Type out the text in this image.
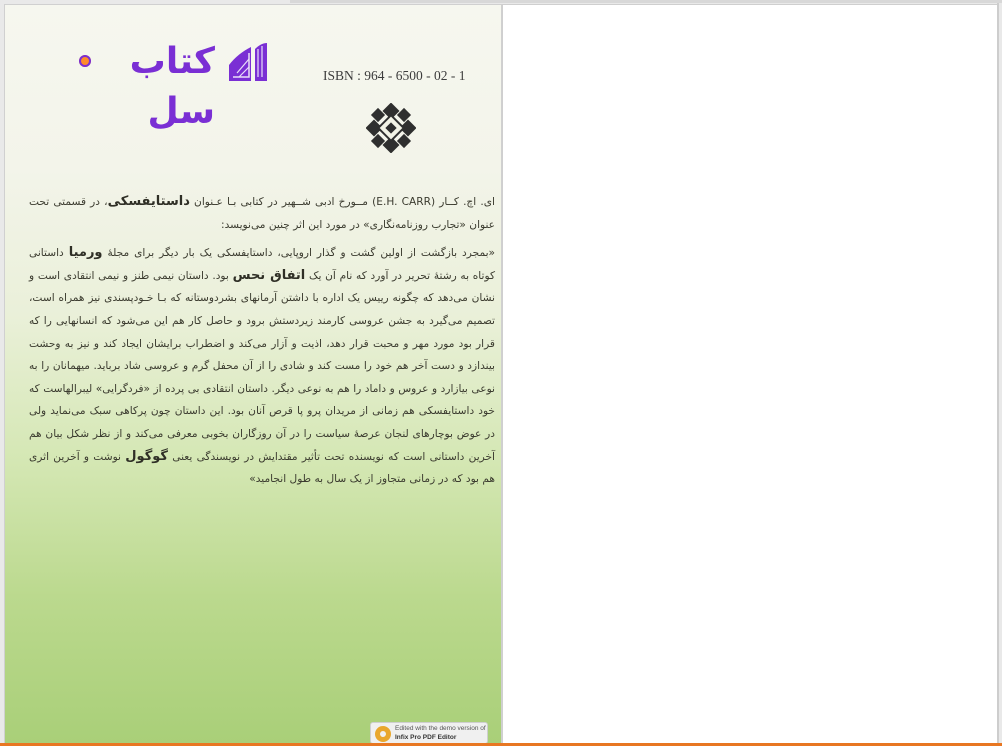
کتاب سل
ISBN : 964 - 6500 - 02 - 1

ای. اچ. کــار (E.H. CARR) مــورخ ادبی شــهیر در کتابی بـا عـنوان داستایفسکی، در قسمتی تحت عنوان «تجارب روزنامه‌نگاری» در مورد این اثر چنین می‌نویسد:

«بمجرد بازگشت از اولین گشت و گذار اروپایی، داستایفسکی یک بار دیگر برای مجلهٔ ورمیا داستانی کوتاه به رشتهٔ تحریر در آورد که نام آن یک اتفاق نحس بود. داستان نیمی طنز و نیمی انتقادی است و نشان می‌دهد که چگونه رییس یک اداره با داشتن آرمانهای بشردوستانه که بـا خـودپسندی نیز همراه است، تصمیم می‌گیرد به جشن عروسی کارمند زیردستش برود و حاصل کار هم این می‌شود که انسانهایی را که قرار بود مورد مهر و محبت قرار دهد، اذیت و آزار می‌کند و اضطراب برایشان ایجاد کند و نیز به وحشت بیندازد و دست آخر هم خود را مست کند و شادی را از آن محفل گرم و عروسی شاد برباید. میهمانان را به نوعی بیازارد و عروس و داماد را هم به نوعی دیگر. داستان انتقادی بی پرده از «فردگرایی» لیبرالهاست که خود داستایفسکی هم زمانی از مریدان پرو پا قرص آنان بود. این داستان چون پرکاهی سبک می‌نماید ولی در عوض بوچارهای لنجان عرصهٔ سیاست را در آن روزگاران بخوبی معرفی می‌کند و از نظر شکل بیان هم آخرین داستانی است که نویسنده تحت تأثیر مقتدایش در نویسندگی یعنی گوگول نوشت و آخرین اثری هم بود که در زمانی متجاوز از یک سال به طول انجامید»

Edited with the demo version of
Infix Pro PDF Editor
